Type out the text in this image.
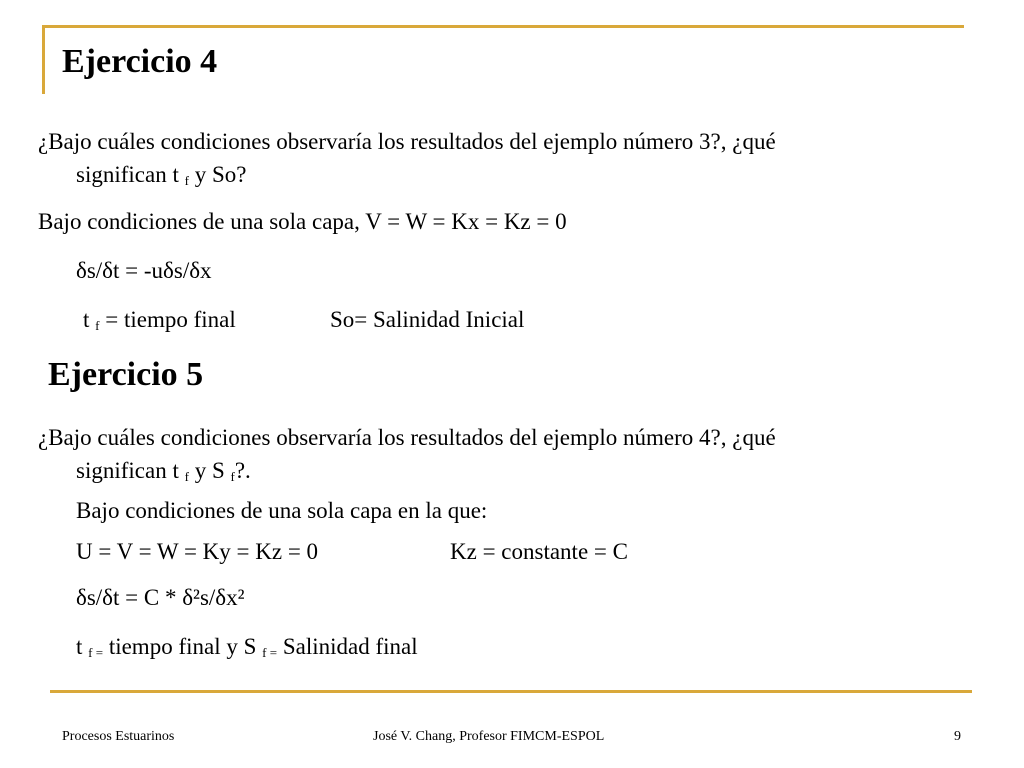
Ejercicio 4
¿Bajo cuáles condiciones observaría los resultados del ejemplo número 3?, ¿qué
significan t $_f$ y So?
Bajo condiciones de una sola capa, V = W = Kx = Kz = 0
δs/δt = -uδs/δx
t $_f$ = tiempo final	So= Salinidad Inicial
Ejercicio 5
¿Bajo cuáles condiciones observaría los resultados del ejemplo número 4?, ¿qué
significan t $_f$ y S $_f$?.
Bajo condiciones de una sola capa en la que:
U = V = W = Ky = Kz = 0	Kz = constante = C
δs/δt = C * δ²s/δx²
t $_{f =}$ tiempo final y S $_{f =}$ Salinidad final
Procesos Estuarinos	José V. Chang, Profesor FIMCM-ESPOL	9
